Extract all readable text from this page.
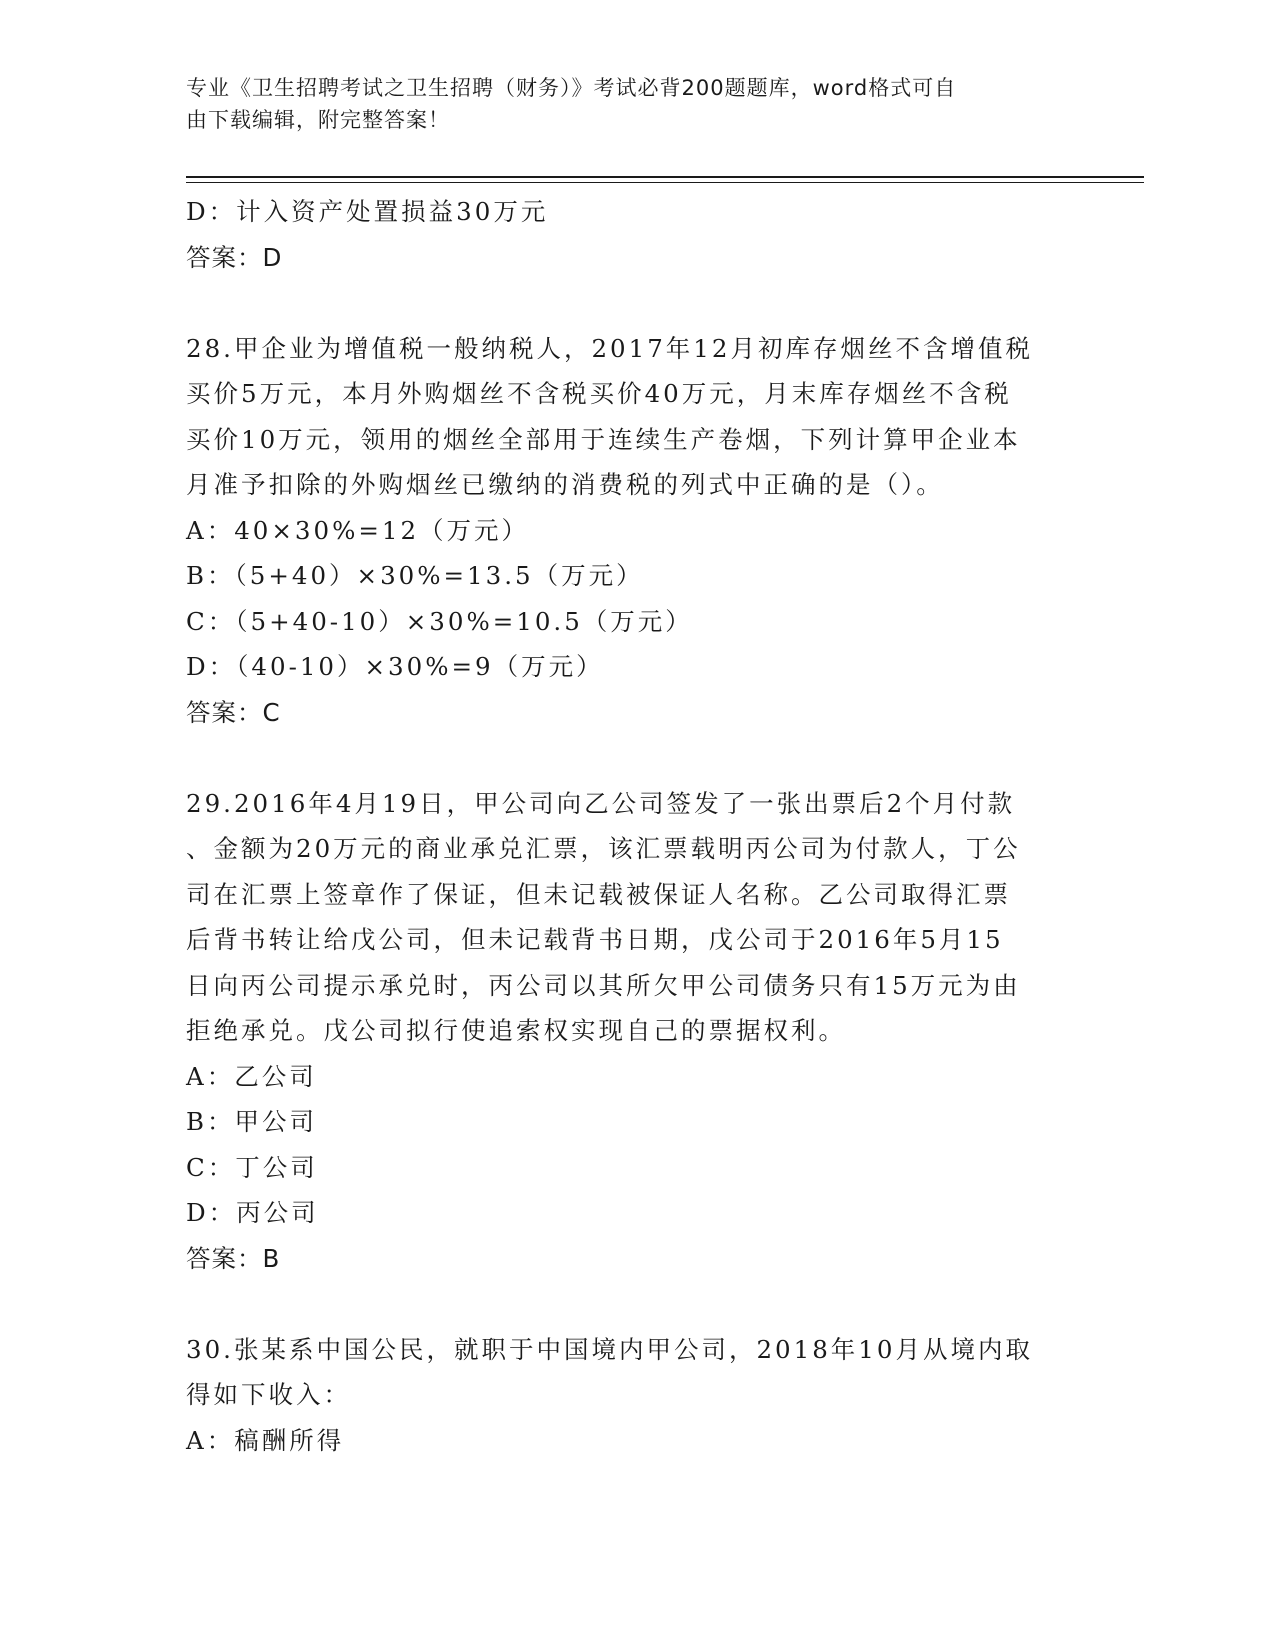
专业《卫生招聘考试之卫生招聘（财务）》考试必背200题题库，word格式可自
由下载编辑，附完整答案！
D：计入资产处置损益30万元
答案：D
28.甲企业为增值税一般纳税人，2017年12月初库存烟丝不含增值税
买价5万元，本月外购烟丝不含税买价40万元，月末库存烟丝不含税
买价10万元，领用的烟丝全部用于连续生产卷烟，下列计算甲企业本
月准予扣除的外购烟丝已缴纳的消费税的列式中正确的是（）。
A：40×30%=12（万元）
B：（5+40）×30%=13.5（万元）
C：（5+40-10）×30%=10.5（万元）
D：（40-10）×30%=9（万元）
答案：C
29.2016年4月19日，甲公司向乙公司签发了一张出票后2个月付款
、金额为20万元的商业承兑汇票，该汇票载明丙公司为付款人，丁公
司在汇票上签章作了保证，但未记载被保证人名称。乙公司取得汇票
后背书转让给戊公司，但未记载背书日期，戊公司于2016年5月15
日向丙公司提示承兑时，丙公司以其所欠甲公司债务只有15万元为由
拒绝承兑。戊公司拟行使追索权实现自己的票据权利。
A：乙公司
B：甲公司
C：丁公司
D：丙公司
答案：B
30.张某系中国公民，就职于中国境内甲公司，2018年10月从境内取
得如下收入：
A：稿酬所得
